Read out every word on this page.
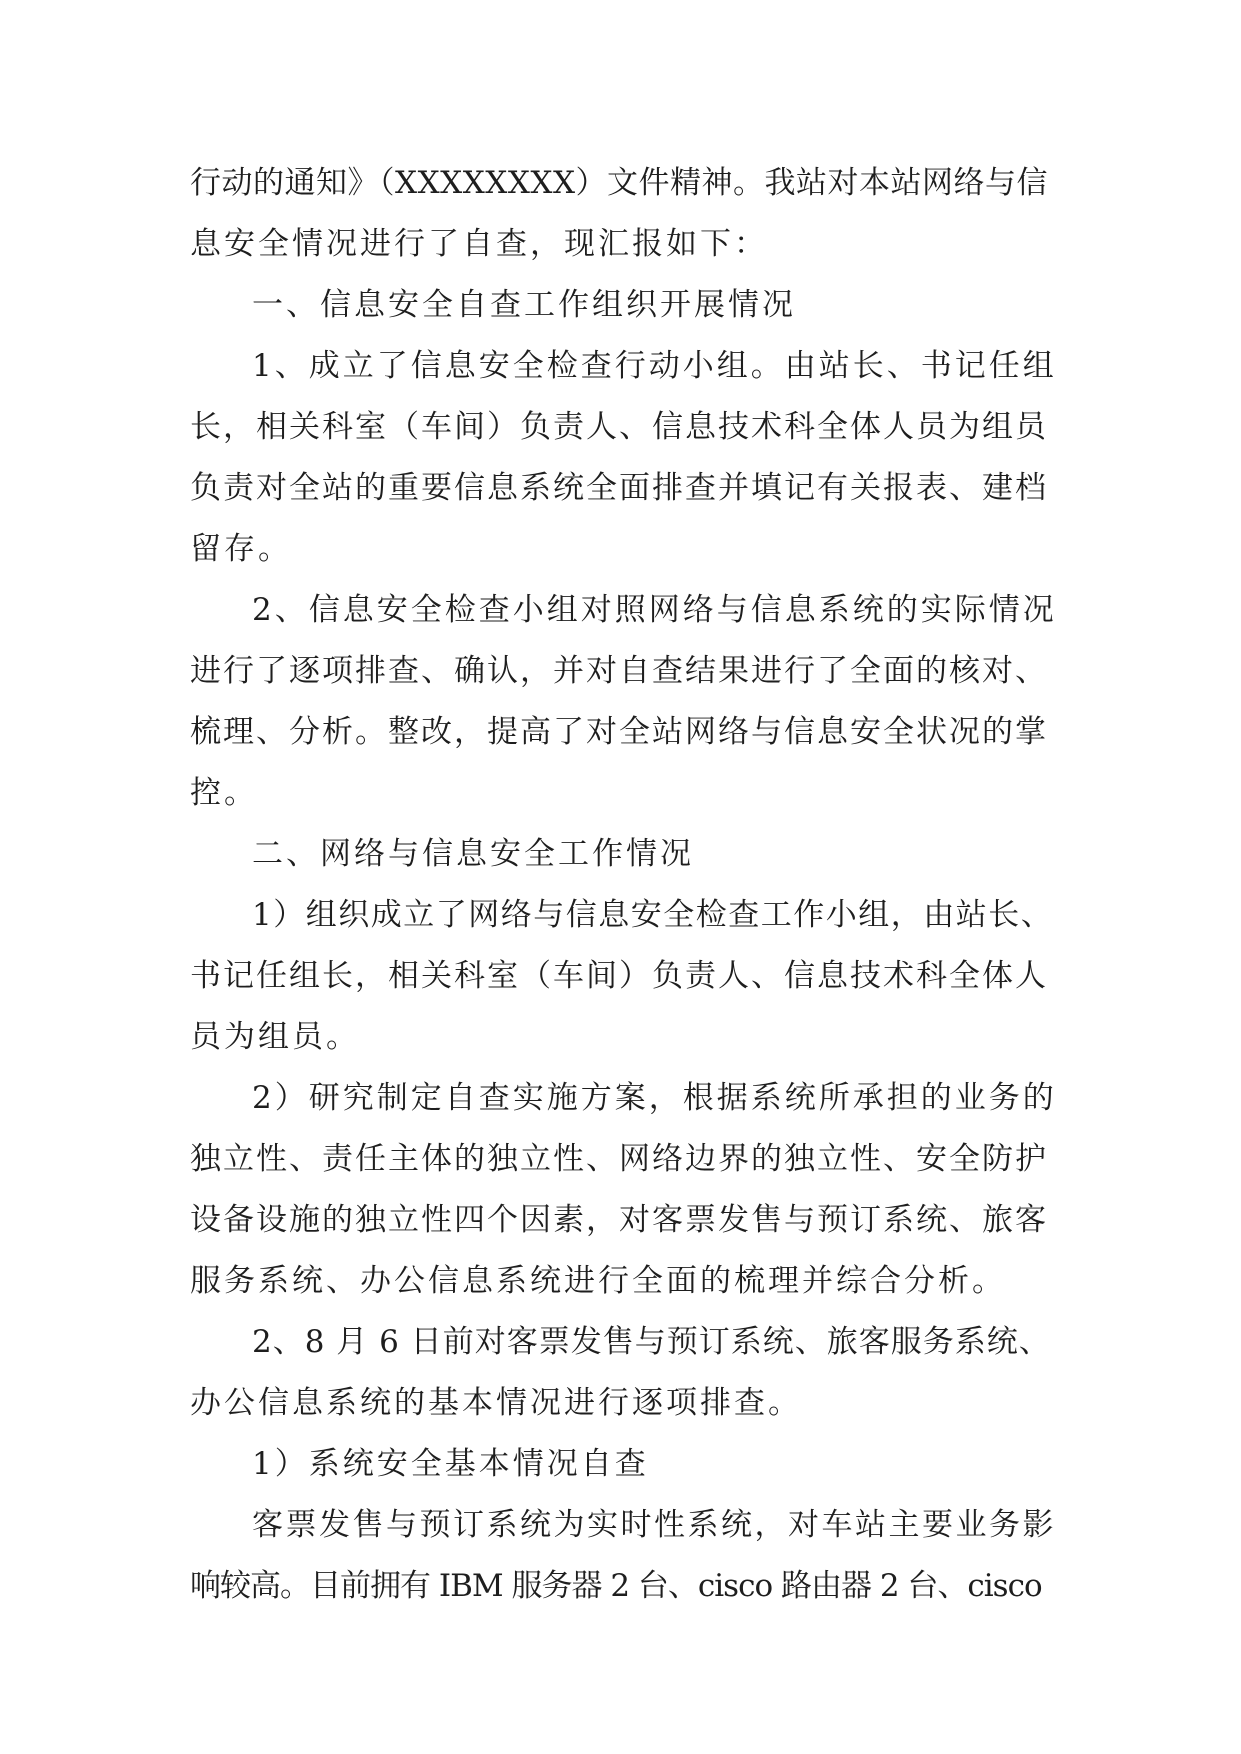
行动的通知》（XXXXXXXX）文件精神。我站对本站网络与信
息安全情况进行了自查，现汇报如下：
一、信息安全自查工作组织开展情况
1、成立了信息安全检查行动小组。由站长、书记任组
长，相关科室（车间）负责人、信息技术科全体人员为组员
负责对全站的重要信息系统全面排查并填记有关报表、建档
留存。
2、信息安全检查小组对照网络与信息系统的实际情况
进行了逐项排查、确认，并对自查结果进行了全面的核对、
梳理、分析。整改，提高了对全站网络与信息安全状况的掌
控。
二、网络与信息安全工作情况
1）组织成立了网络与信息安全检查工作小组，由站长、
书记任组长，相关科室（车间）负责人、信息技术科全体人
员为组员。
2）研究制定自查实施方案，根据系统所承担的业务的
独立性、责任主体的独立性、网络边界的独立性、安全防护
设备设施的独立性四个因素，对客票发售与预订系统、旅客
服务系统、办公信息系统进行全面的梳理并综合分析。
2、8 月 6 日前对客票发售与预订系统、旅客服务系统、
办公信息系统的基本情况进行逐项排查。
1）系统安全基本情况自查
客票发售与预订系统为实时性系统，对车站主要业务影
响较高。目前拥有 IBM 服务器 2 台、cisco 路由器 2 台、cisco
